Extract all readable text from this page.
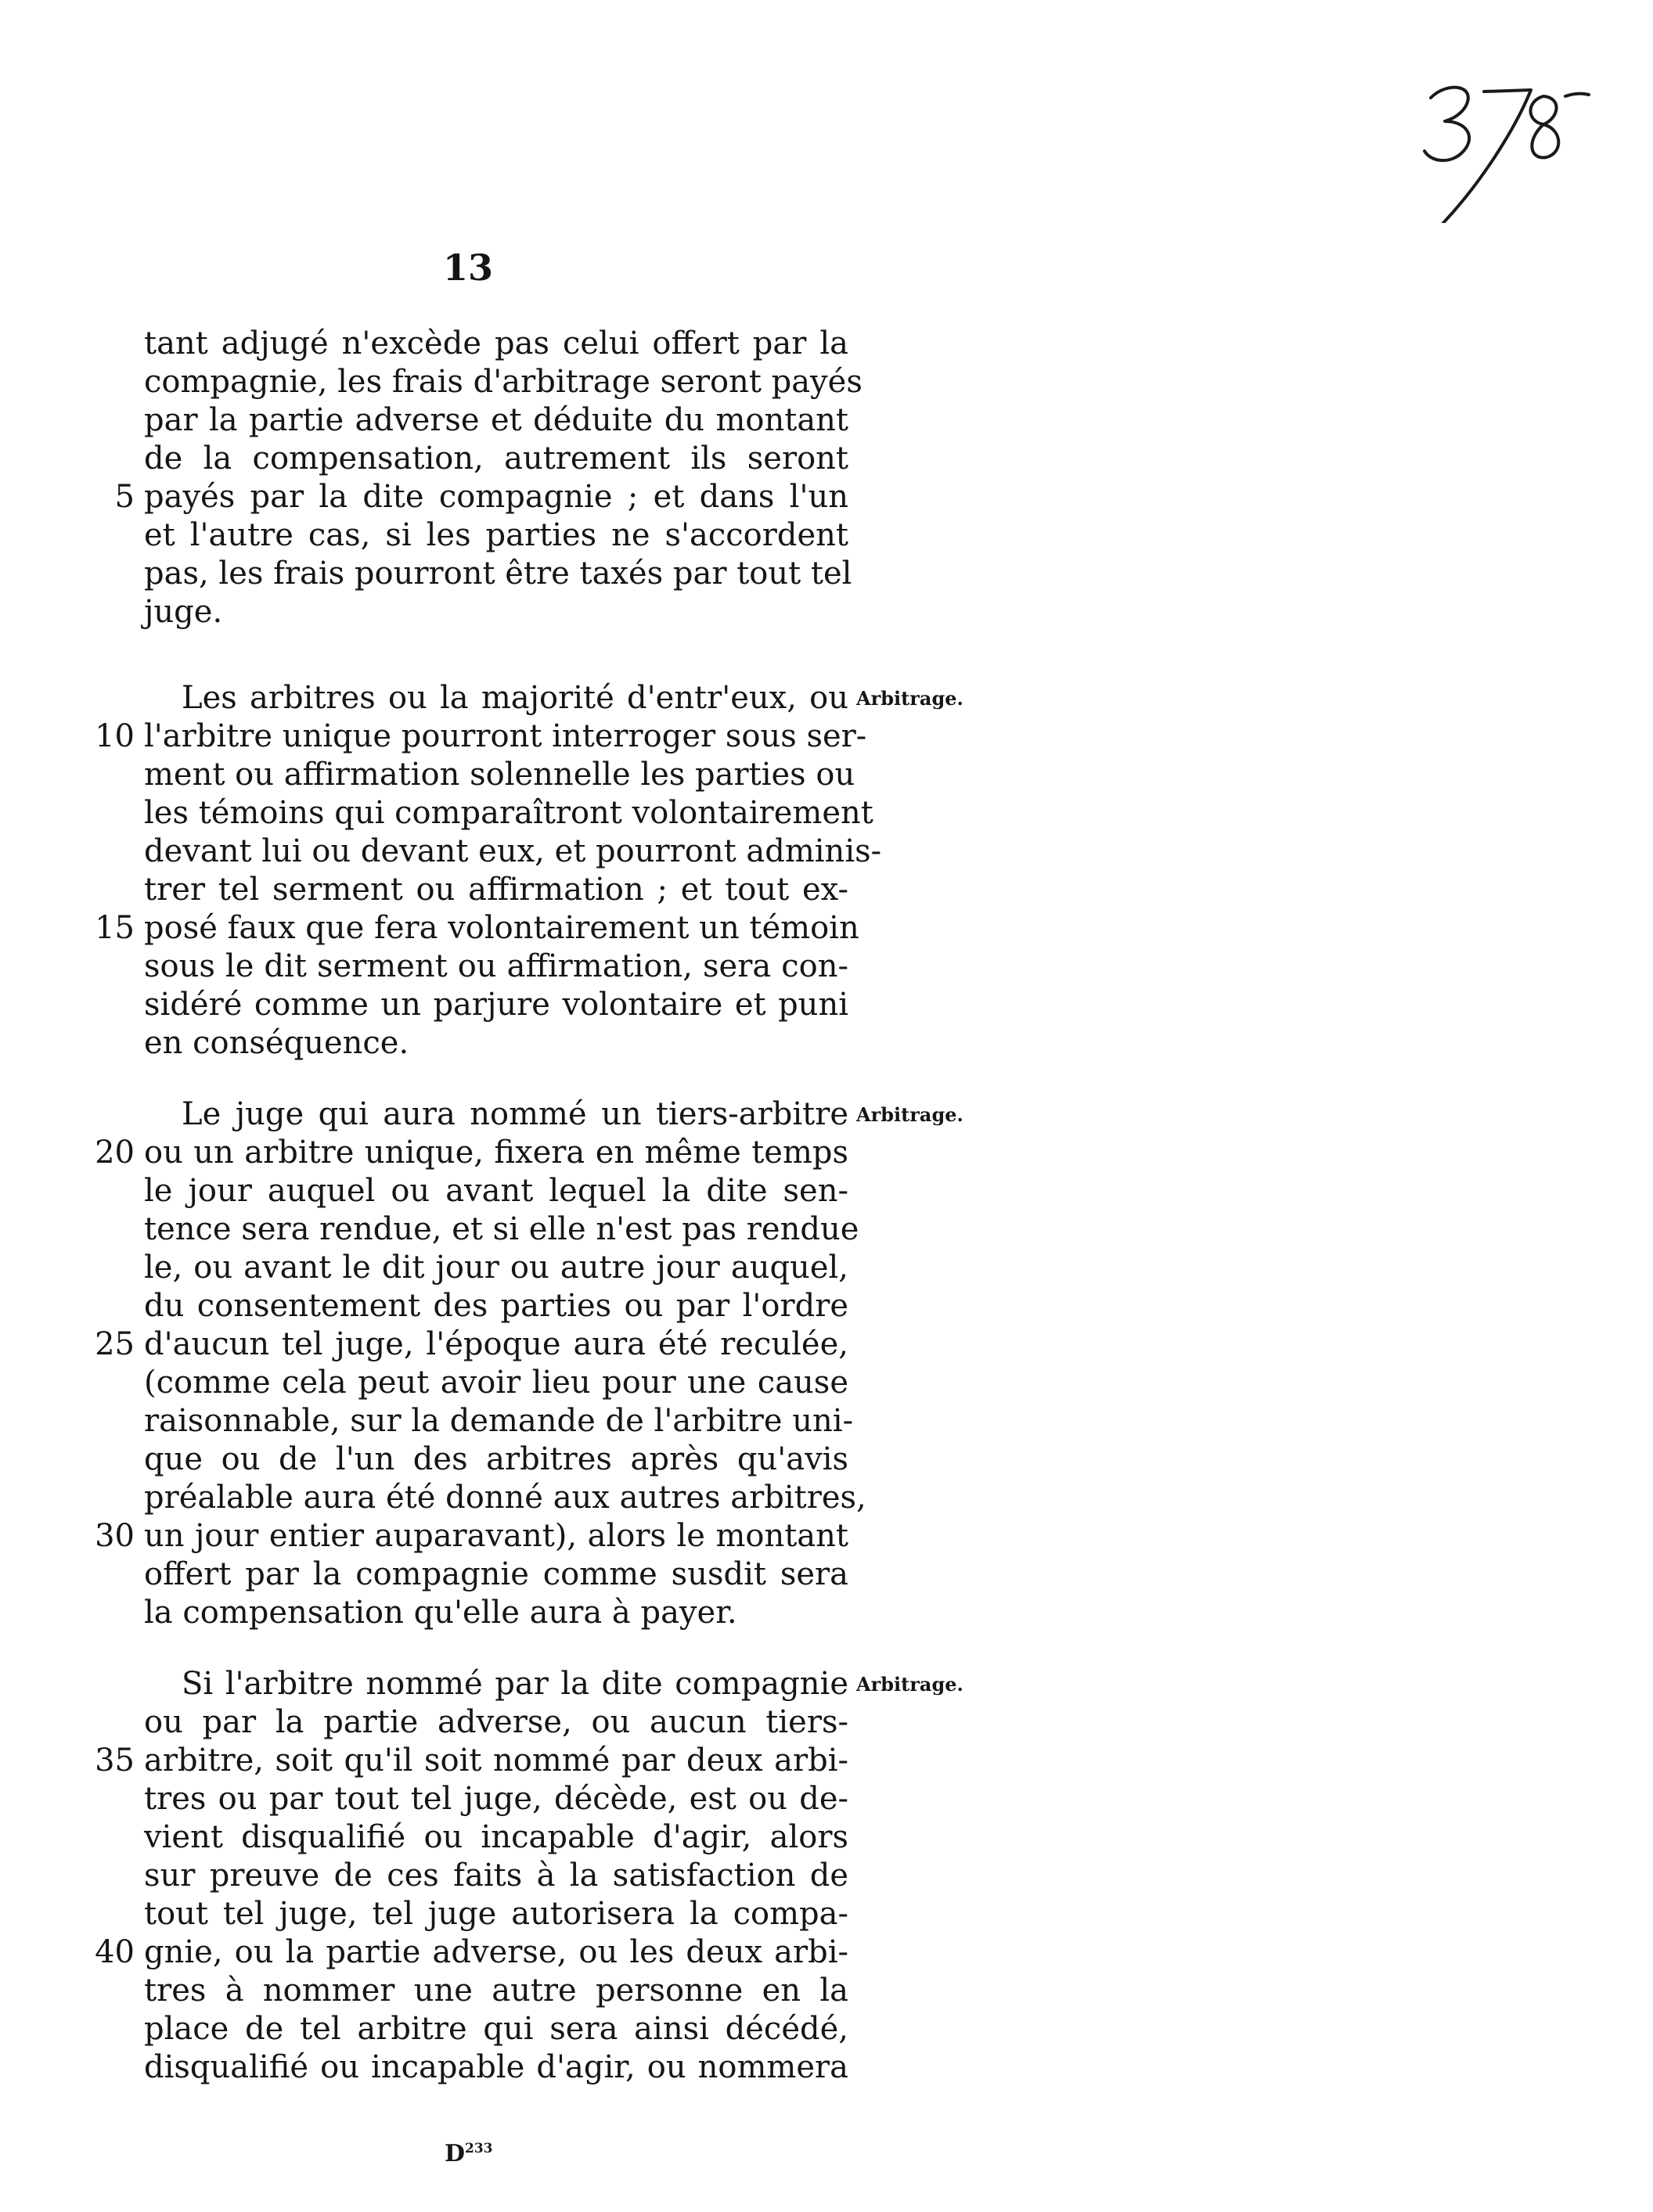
13
tant adjugé n'excède pas celui offert par la
compagnie, les frais d'arbitrage seront payés
par la partie adverse et déduite du montant
de la compensation, autrement ils seront
payés par la dite compagnie ; et dans l'un
et l'autre cas, si les parties ne s'accordent
pas, les frais pourront être taxés par tout tel
juge.
Arbitrage.
Les arbitres ou la majorité d'entr'eux, ou
l'arbitre unique pourront interroger sous ser-
ment ou affirmation solennelle les parties ou
les témoins qui comparaîtront volontairement
devant lui ou devant eux, et pourront adminis-
trer tel serment ou affirmation ; et tout ex-
posé faux que fera volontairement un témoin
sous le dit serment ou affirmation, sera con-
sidéré comme un parjure volontaire et puni
en conséquence.
Arbitrage.
Le juge qui aura nommé un tiers-arbitre
ou un arbitre unique, fixera en même temps
le jour auquel ou avant lequel la dite sen-
tence sera rendue, et si elle n'est pas rendue
le, ou avant le dit jour ou autre jour auquel,
du consentement des parties ou par l'ordre
d'aucun tel juge, l'époque aura été reculée,
(comme cela peut avoir lieu pour une cause
raisonnable, sur la demande de l'arbitre uni-
que ou de l'un des arbitres après qu'avis
préalable aura été donné aux autres arbitres,
un jour entier auparavant), alors le montant
offert par la compagnie comme susdit sera
la compensation qu'elle aura à payer.
Arbitrage.
Si l'arbitre nommé par la dite compagnie
ou par la partie adverse, ou aucun tiers-
arbitre, soit qu'il soit nommé par deux arbi-
tres ou par tout tel juge, décède, est ou de-
vient disqualifié ou incapable d'agir, alors
sur preuve de ces faits à la satisfaction de
tout tel juge, tel juge autorisera la compa-
gnie, ou la partie adverse, ou les deux arbi-
tres à nommer une autre personne en la
place de tel arbitre qui sera ainsi décédé,
disqualifié ou incapable d'agir, ou nommera
5
10
15
20
25
30
35
40
$D^{233}$
